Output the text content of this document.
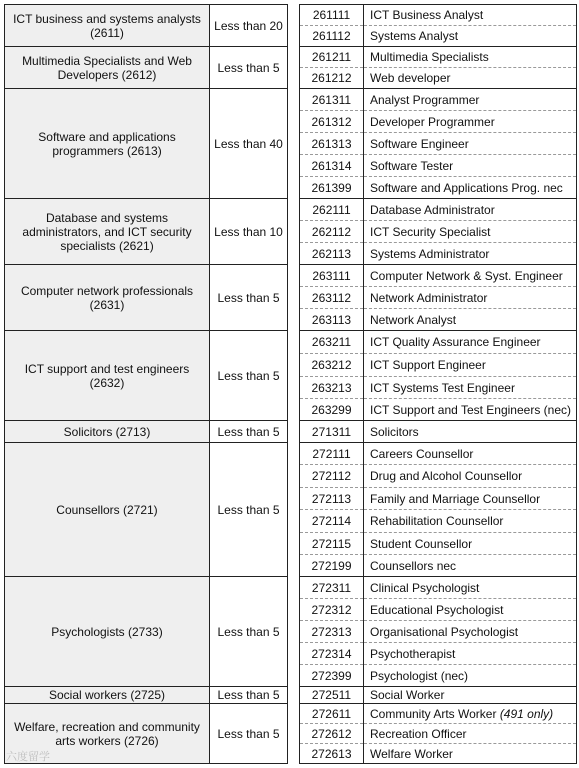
ICT business and systems analysts (2611)	Less than 20		261111	ICT Business Analyst
			261112	Systems Analyst
Multimedia Specialists and Web Developers (2612)	Less than 5		261211	Multimedia Specialists
			261212	Web developer
Software and applications programmers (2613)	Less than 40		261311	Analyst Programmer
			261312	Developer Programmer
			261313	Software Engineer
			261314	Software Tester
			261399	Software and Applications Prog. nec
Database and systems administrators, and ICT security specialists (2621)	Less than 10		262111	Database Administrator
			262112	ICT Security Specialist
			262113	Systems Administrator
Computer network professionals (2631)	Less than 5		263111	Computer Network & Syst. Engineer
			263112	Network Administrator
			263113	Network Analyst
ICT support and test engineers (2632)	Less than 5		263211	ICT Quality Assurance Engineer
			263212	ICT Support Engineer
			263213	ICT Systems Test Engineer
			263299	ICT Support and Test Engineers (nec)
Solicitors (2713)	Less than 5		271311	Solicitors
Counsellors (2721)	Less than 5		272111	Careers Counsellor
			272112	Drug and Alcohol Counsellor
			272113	Family and Marriage Counsellor
			272114	Rehabilitation Counsellor
			272115	Student Counsellor
			272199	Counsellors nec
Psychologists (2733)	Less than 5		272311	Clinical Psychologist
			272312	Educational Psychologist
			272313	Organisational Psychologist
			272314	Psychotherapist
			272399	Psychologist (nec)
Social workers (2725)	Less than 5		272511	Social Worker
Welfare, recreation and community arts workers (2726)	Less than 5		272611	Community Arts Worker (491 only)
			272612	Recreation Officer
			272613	Welfare Worker
六度留学
